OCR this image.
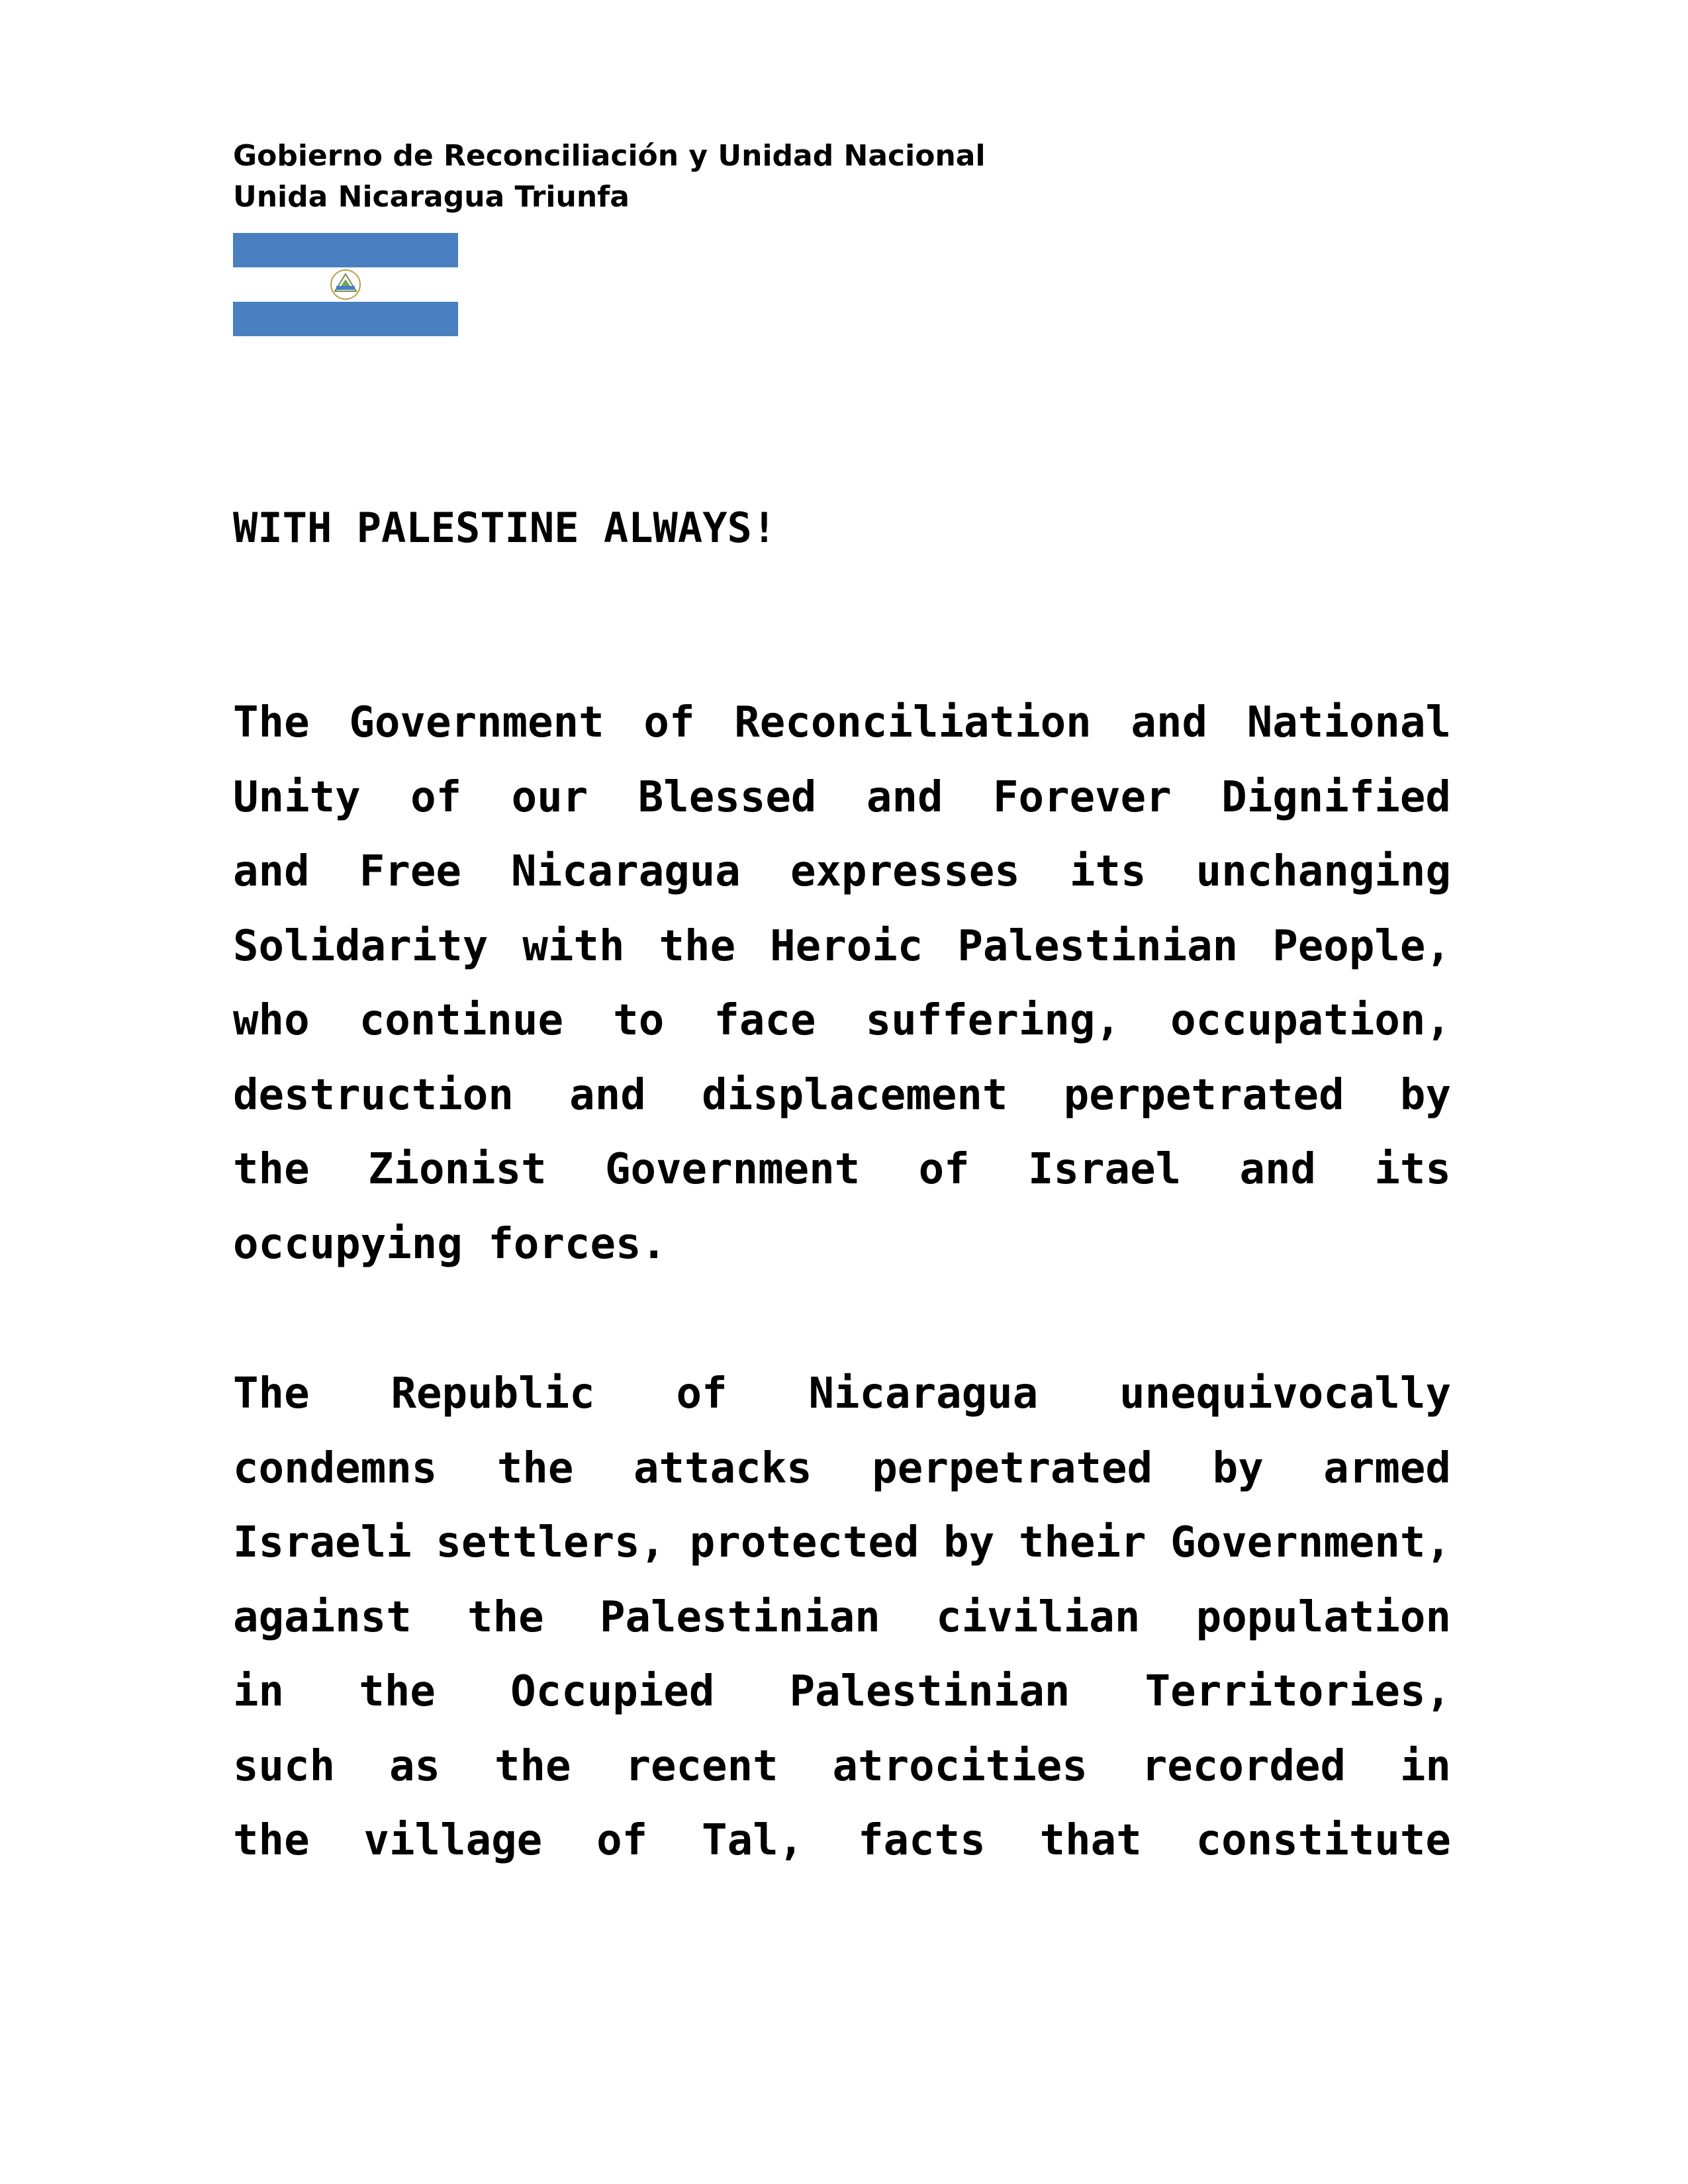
Gobierno de Reconciliación y Unidad Nacional
Unida Nicaragua Triunfa
WITH PALESTINE ALWAYS!
The Government of Reconciliation and National
Unity of our Blessed and Forever Dignified
and Free Nicaragua expresses its unchanging
Solidarity with the Heroic Palestinian People,
who continue to face suffering, occupation,
destruction and displacement perpetrated by
the Zionist Government of Israel and its
occupying forces.
The Republic of Nicaragua unequivocally
condemns the attacks perpetrated by armed
Israeli settlers, protected by their Government,
against the Palestinian civilian population
in the Occupied Palestinian Territories,
such as the recent atrocities recorded in
the village of Tal, facts that constitute
